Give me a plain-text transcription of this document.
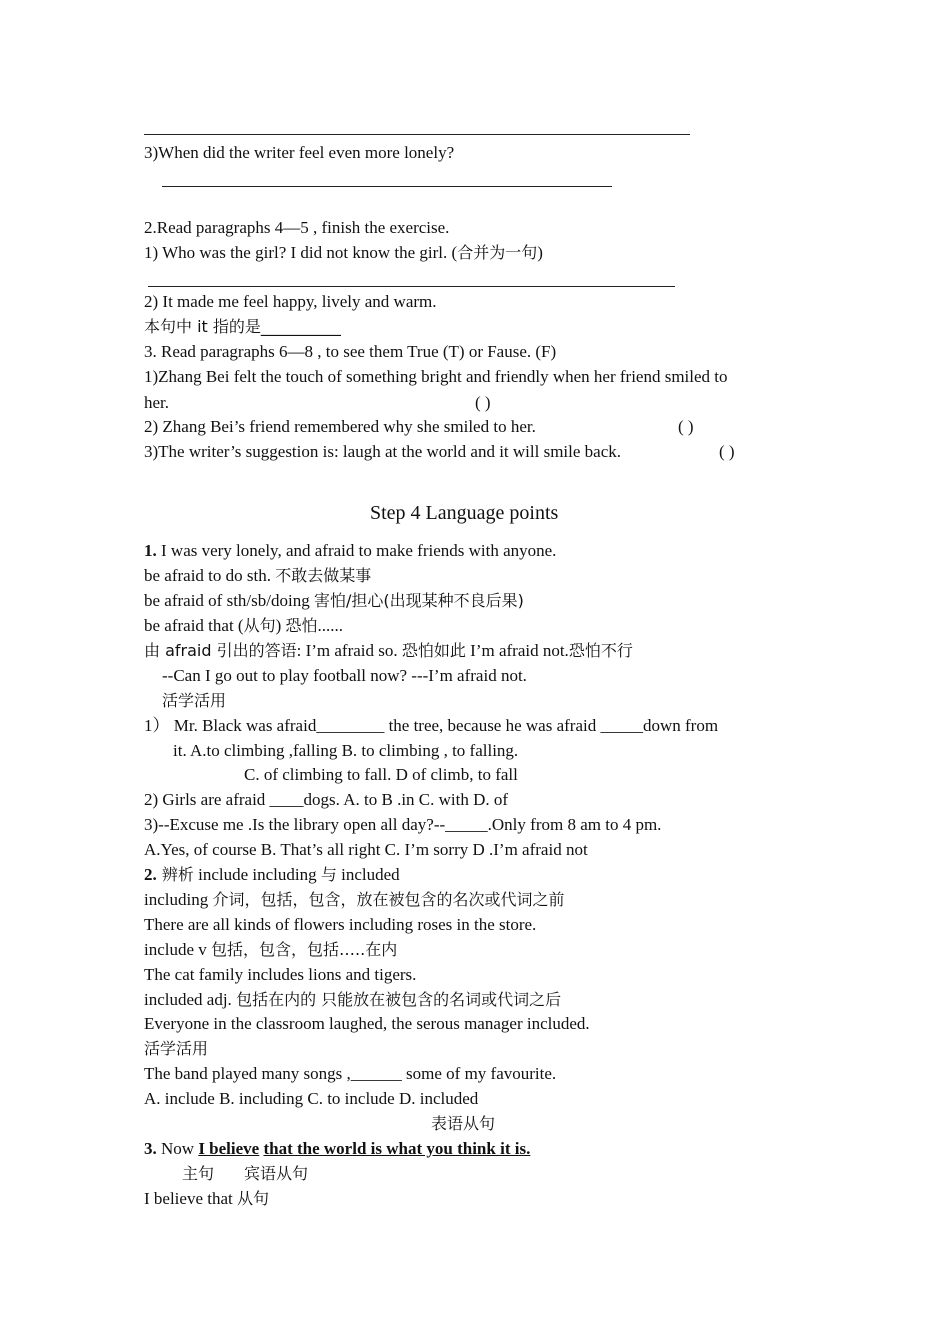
3)When did the writer feel even more lonely?
2.Read paragraphs 4—5 , finish the exercise.
1) Who was the girl? I did not know the girl. (合并为一句)
2) It made me feel happy, lively and warm.
本句中 it 指的是__________
3. Read paragraphs 6—8 , to see them True (T) or Fause. (F)
1)Zhang Bei felt the touch of something bright and friendly when her friend smiled to
her.	( )
2) Zhang Bei’s friend remembered why she smiled to her.	( )
3)The writer’s suggestion is: laugh at the world and it will smile back.	( )
Step 4 Language points
1. I was very lonely, and afraid to make friends with anyone.
be afraid to do sth. 不敢去做某事
be afraid of sth/sb/doing 害怕/担心(出现某种不良后果)
be afraid that (从句) 恐怕......
由 afraid 引出的答语: I’m afraid so. 恐怕如此 I’m afraid not.恐怕不行
--Can I go out to play football now? ---I’m afraid not.
活学活用
1） Mr. Black was afraid________ the tree, because he was afraid _____down from
it. A.to climbing ,falling B. to climbing , to falling.
C. of climbing to fall. D of climb, to fall
2) Girls are afraid ____dogs. A. to B .in C. with D. of
3)--Excuse me .Is the library open all day?--_____.Only from 8 am to 4 pm.
A.Yes, of course B. That’s all right C. I’m sorry D .I’m afraid not
2. 辨析 include including 与 included
including 介词，包括，包含，放在被包含的名次或代词之前
There are all kinds of flowers including roses in the store.
include v 包括，包含，包括…..在内
The cat family includes lions and tigers.
included adj. 包括在内的 只能放在被包含的名词或代词之后
Everyone in the classroom laughed, the serous manager included.
活学活用
The band played many songs ,______ some of my favourite.
A. include B. including C. to include D. included
表语从句
3. Now I believe that the world is what you think it is.
主句 宾语从句
I believe that 从句
